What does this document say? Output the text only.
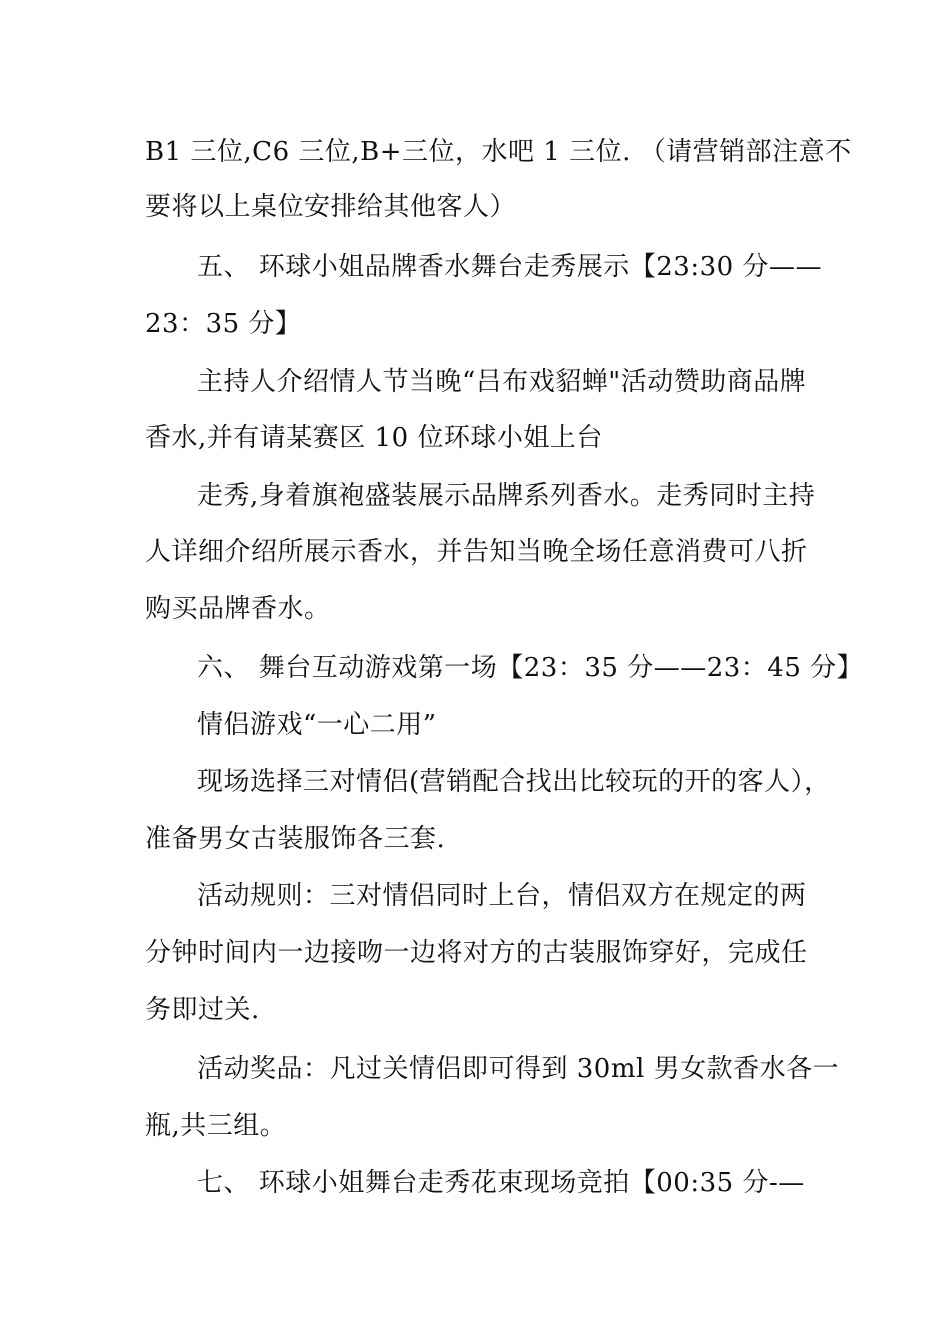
B1 三位,C6 三位,B+三位，水吧 1 三位. （请营销部注意不
要将以上桌位安排给其他客人）
五、 环球小姐品牌香水舞台走秀展示【23:30 分——
23：35 分】
主持人介绍情人节当晚“吕布戏貂蝉"活动赞助商品牌
香水,并有请某赛区 10 位环球小姐上台
走秀,身着旗袍盛装展示品牌系列香水。走秀同时主持
人详细介绍所展示香水，并告知当晚全场任意消费可八折
购买品牌香水。
六、 舞台互动游戏第一场【23：35 分——23：45 分】
情侣游戏“一心二用”
现场选择三对情侣(营销配合找出比较玩的开的客人），
准备男女古装服饰各三套.
活动规则：三对情侣同时上台，情侣双方在规定的两
分钟时间内一边接吻一边将对方的古装服饰穿好，完成任
务即过关.
活动奖品：凡过关情侣即可得到 30ml 男女款香水各一
瓶,共三组。
七、 环球小姐舞台走秀花束现场竞拍【00:35 分-—
